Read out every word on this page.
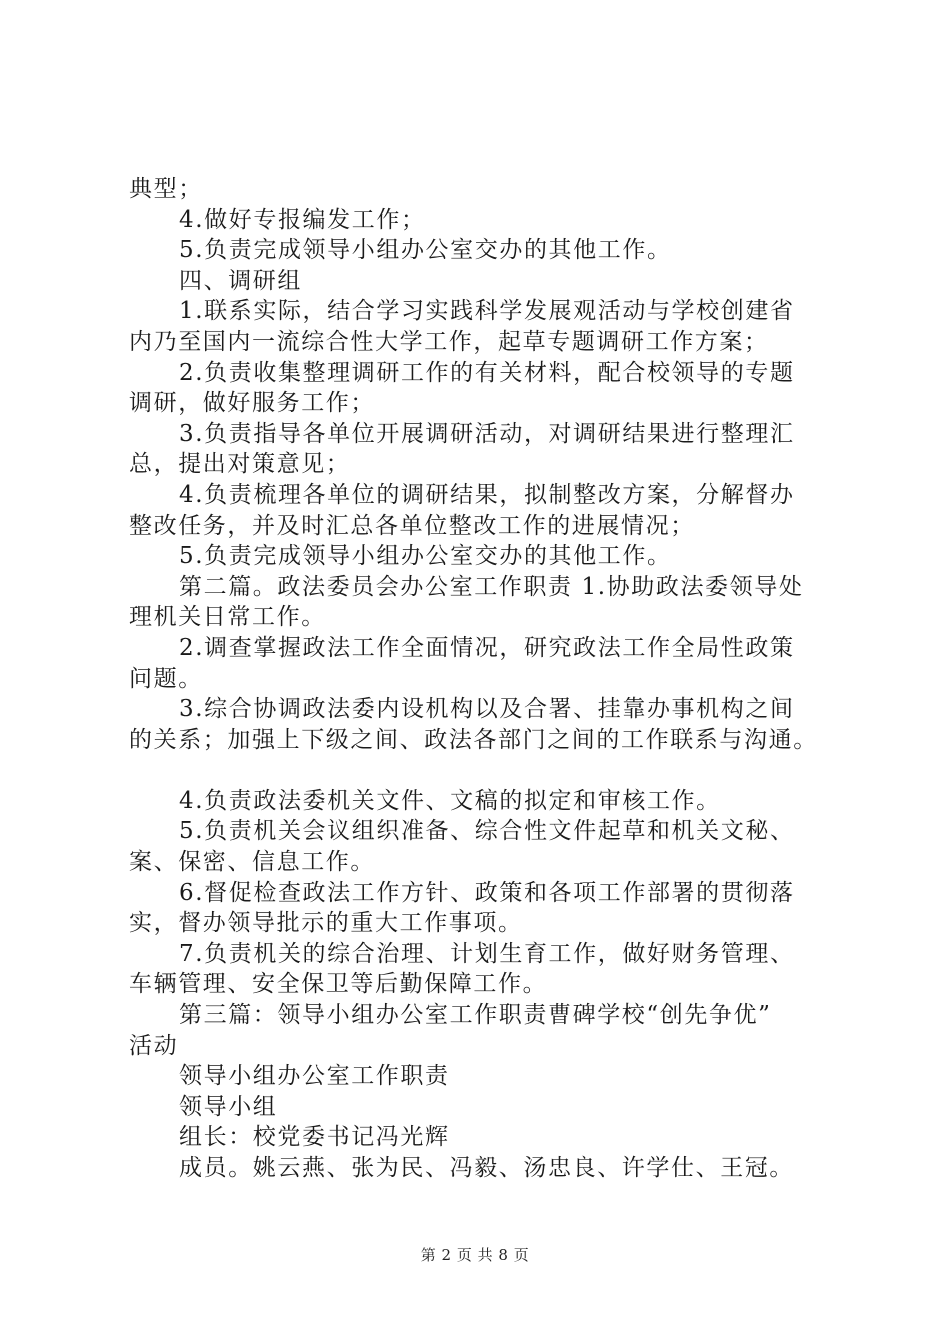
典型；
4.做好专报编发工作；
5.负责完成领导小组办公室交办的其他工作。
四、调研组
1.联系实际，结合学习实践科学发展观活动与学校创建省
内乃至国内一流综合性大学工作，起草专题调研工作方案；
2.负责收集整理调研工作的有关材料，配合校领导的专题
调研，做好服务工作；
3.负责指导各单位开展调研活动，对调研结果进行整理汇
总，提出对策意见；
4.负责梳理各单位的调研结果，拟制整改方案，分解督办
整改任务，并及时汇总各单位整改工作的进展情况；
5.负责完成领导小组办公室交办的其他工作。
第二篇。政法委员会办公室工作职责 1.协助政法委领导处
理机关日常工作。
2.调查掌握政法工作全面情况，研究政法工作全局性政策
问题。
3.综合协调政法委内设机构以及合署、挂靠办事机构之间
的关系；加强上下级之间、政法各部门之间的工作联系与沟通。
4.负责政法委机关文件、文稿的拟定和审核工作。
5.负责机关会议组织准备、综合性文件起草和机关文秘、
案、保密、信息工作。
6.督促检查政法工作方针、政策和各项工作部署的贯彻落
实，督办领导批示的重大工作事项。
7.负责机关的综合治理、计划生育工作，做好财务管理、
车辆管理、安全保卫等后勤保障工作。
第三篇：领导小组办公室工作职责曹碑学校“创先争优”
活动
领导小组办公室工作职责
领导小组
组长：校党委书记冯光辉
成员。姚云燕、张为民、冯毅、汤忠良、许学仕、王冠。
第 2 页 共 8 页
